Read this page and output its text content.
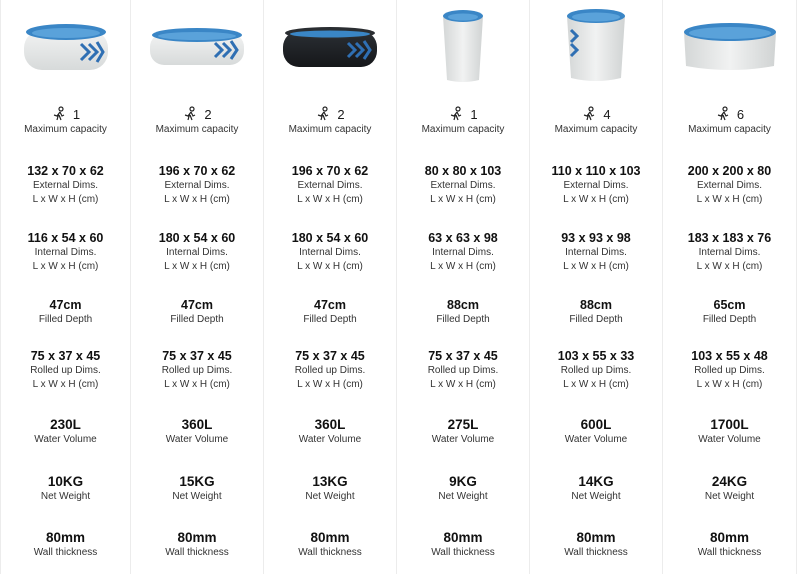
1
Maximum capacity
132 x 70 x 62
External Dims.
L x W x H (cm)
116 x 54 x 60
Internal Dims.
L x W x H (cm)
47cm
Filled Depth
75 x 37 x 45
Rolled up Dims.
L x W x H (cm)
230L
Water Volume
10KG
Net Weight
80mm
Wall thickness
2
Maximum capacity
196 x 70 x 62
External Dims.
L x W x H (cm)
180 x 54 x 60
Internal Dims.
L x W x H (cm)
47cm
Filled Depth
75 x 37 x 45
Rolled up Dims.
L x W x H (cm)
360L
Water Volume
15KG
Net Weight
80mm
Wall thickness
2
Maximum capacity
196 x 70 x 62
External Dims.
L x W x H (cm)
180 x 54 x 60
Internal Dims.
L x W x H (cm)
47cm
Filled Depth
75 x 37 x 45
Rolled up Dims.
L x W x H (cm)
360L
Water Volume
13KG
Net Weight
80mm
Wall thickness
1
Maximum capacity
80 x 80 x 103
External Dims.
L x W x H (cm)
63 x 63 x 98
Internal Dims.
L x W x H (cm)
88cm
Filled Depth
75 x 37 x 45
Rolled up Dims.
L x W x H (cm)
275L
Water Volume
9KG
Net Weight
80mm
Wall thickness
4
Maximum capacity
110 x 110 x 103
External Dims.
L x W x H (cm)
93 x 93 x 98
Internal Dims.
L x W x H (cm)
88cm
Filled Depth
103 x 55 x 33
Rolled up Dims.
L x W x H (cm)
600L
Water Volume
14KG
Net Weight
80mm
Wall thickness
6
Maximum capacity
200 x 200 x 80
External Dims.
L x W x H (cm)
183 x 183 x 76
Internal Dims.
L x W x H (cm)
65cm
Filled Depth
103 x 55 x 48
Rolled up Dims.
L x W x H (cm)
1700L
Water Volume
24KG
Net Weight
80mm
Wall thickness
